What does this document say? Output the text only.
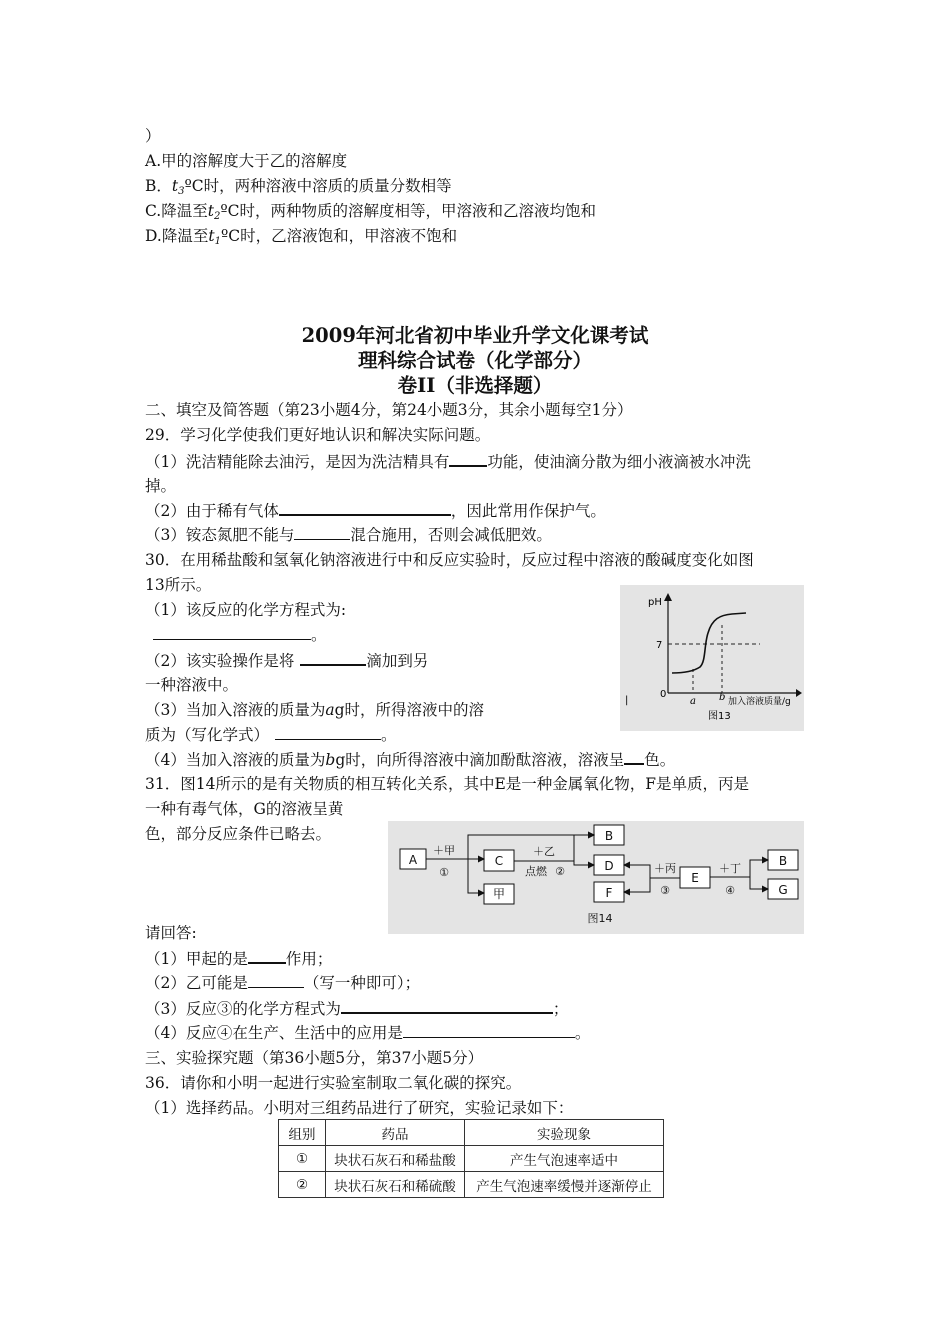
）
A.甲的溶解度大于乙的溶解度
B．$t_3ºC$时，两种溶液中溶质的质量分数相等
C.降温至$t_2ºC$时，两种物质的溶解度相等，甲溶液和乙溶液均饱和
D.降温至$t_1ºC$时，乙溶液饱和，甲溶液不饱和
2009年河北省初中毕业升学文化课考试
理科综合试卷（化学部分）
卷II（非选择题）
二、填空及简答题（第23小题4分，第24小题3分，其余小题每空1分）
29．学习化学使我们更好地认识和解决实际问题。
（1）洗洁精能除去油污，是因为洗洁精具有 功能，使油滴分散为细小液滴被水冲洗
掉。
（2）由于稀有气体	，因此常用作保护气。
（3）铵态氮肥不能与	混合施用，否则会减低肥效。
30．在用稀盐酸和氢氧化钠溶液进行中和反应实验时，反应过程中溶液的酸碱度变化如图
13所示。
（1）该反应的化学方程式为:
。
（2）该实验操作是将	滴加到另
一种溶液中。
（3）当加入溶液的质量为ag时，所得溶液中的溶
质为（写化学式）	。
（4）当加入溶液的质量为bg时，向所得溶液中滴加酚酞溶液，溶液呈 色。
pH
7
0
a b 加入溶液质量/g
图13
|
31．图14所示的是有关物质的相互转化关系，其中E是一种金属氧化物，F是单质，丙是
一种有毒气体，G的溶液呈黄
色，部分反应条件已略去。
A	C
甲
B
D
F
E
B
G
＋甲
①
＋乙
点燃 ②	＋丙
③
＋丁
④
图14
请回答:
（1）甲起的是 作用；
（2）乙可能是	（写一种即可）；
（3）反应③的化学方程式为	；
（4）反应④在生产、生活中的应用是	。
三、实验探究题（第36小题5分，第37小题5分）
36．请你和小明一起进行实验室制取二氧化碳的探究。
（1）选择药品。小明对三组药品进行了研究，实验记录如下：
组别	药品	实验现象
①	块状石灰石和稀盐酸	产生气泡速率适中
②	块状石灰石和稀硫酸	产生气泡速率缓慢并逐渐停止
